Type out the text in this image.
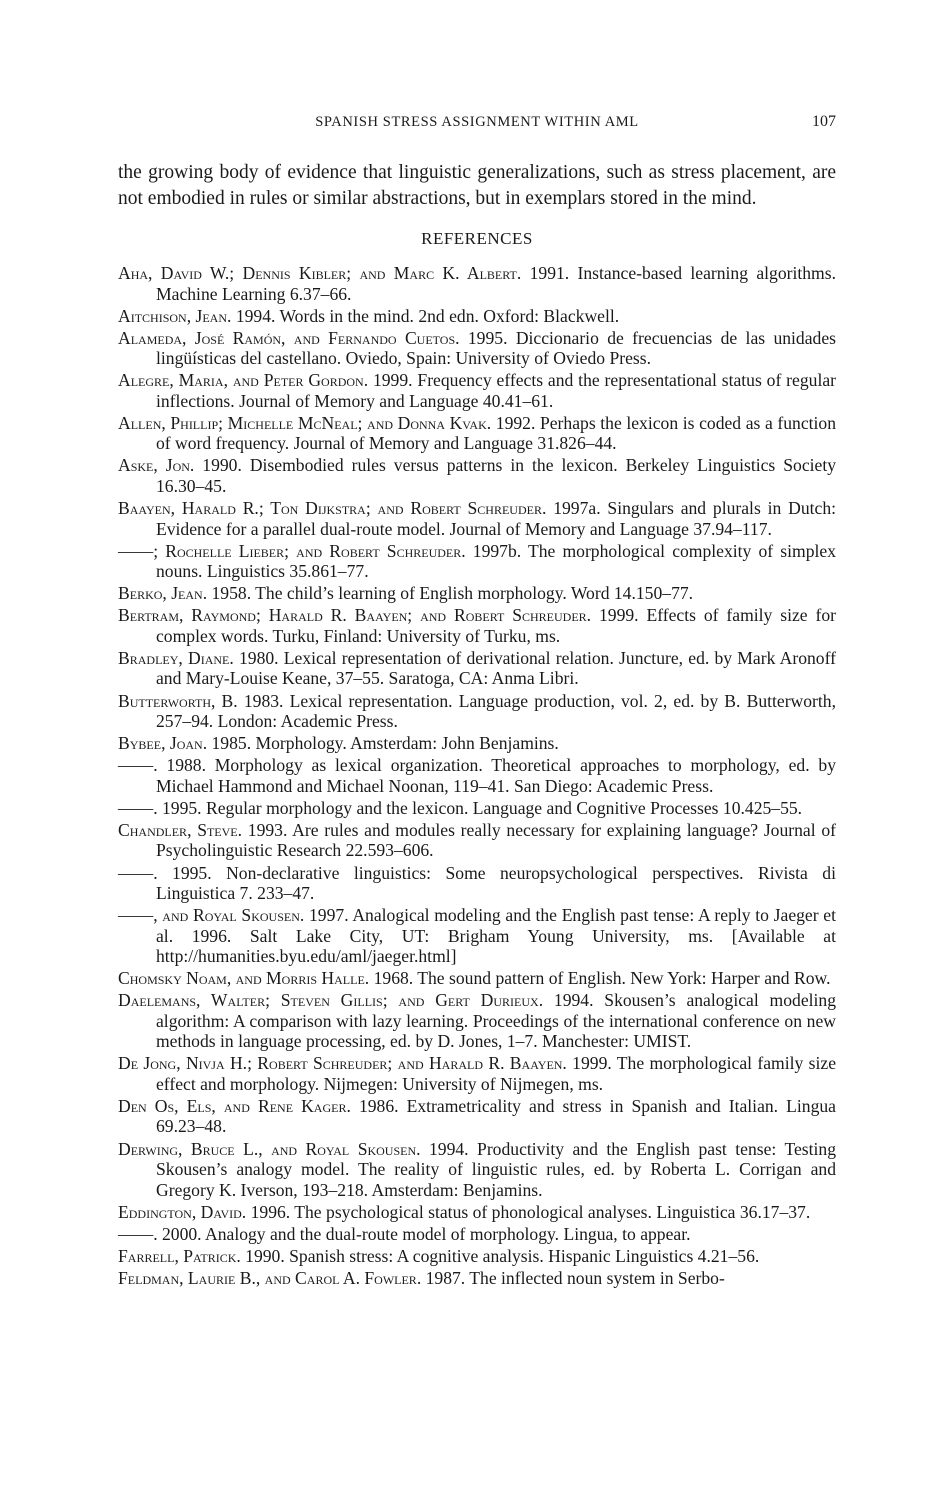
SPANISH STRESS ASSIGNMENT WITHIN AML	107

the growing body of evidence that linguistic generalizations, such as stress placement, are not embodied in rules or similar abstractions, but in exemplars stored in the mind.

REFERENCES
Aha, David W.; Dennis Kibler; and Marc K. Albert. 1991. Instance-based learning algorithms. Machine Learning 6.37–66.
Aitchison, Jean. 1994. Words in the mind. 2nd edn. Oxford: Blackwell.
Alameda, José Ramón, and Fernando Cuetos. 1995. Diccionario de frecuencias de las unidades lingüísticas del castellano. Oviedo, Spain: University of Oviedo Press.
Alegre, Maria, and Peter Gordon. 1999. Frequency effects and the representational status of regular inflections. Journal of Memory and Language 40.41–61.
Allen, Phillip; Michelle McNeal; and Donna Kvak. 1992. Perhaps the lexicon is coded as a function of word frequency. Journal of Memory and Language 31.826–44.
Aske, Jon. 1990. Disembodied rules versus patterns in the lexicon. Berkeley Linguistics Society 16.30–45.
Baayen, Harald R.; Ton Dijkstra; and Robert Schreuder. 1997a. Singulars and plurals in Dutch: Evidence for a parallel dual-route model. Journal of Memory and Language 37.94–117.
——; Rochelle Lieber; and Robert Schreuder. 1997b. The morphological complexity of simplex nouns. Linguistics 35.861–77.
Berko, Jean. 1958. The child’s learning of English morphology. Word 14.150–77.
Bertram, Raymond; Harald R. Baayen; and Robert Schreuder. 1999. Effects of family size for complex words. Turku, Finland: University of Turku, ms.
Bradley, Diane. 1980. Lexical representation of derivational relation. Juncture, ed. by Mark Aronoff and Mary-Louise Keane, 37–55. Saratoga, CA: Anma Libri.
Butterworth, B. 1983. Lexical representation. Language production, vol. 2, ed. by B. Butterworth, 257–94. London: Academic Press.
Bybee, Joan. 1985. Morphology. Amsterdam: John Benjamins.
——. 1988. Morphology as lexical organization. Theoretical approaches to morphology, ed. by Michael Hammond and Michael Noonan, 119–41. San Diego: Academic Press.
——. 1995. Regular morphology and the lexicon. Language and Cognitive Processes 10.425–55.
Chandler, Steve. 1993. Are rules and modules really necessary for explaining language? Journal of Psycholinguistic Research 22.593–606.
——. 1995. Non-declarative linguistics: Some neuropsychological perspectives. Rivista di Linguistica 7. 233–47.
——, and Royal Skousen. 1997. Analogical modeling and the English past tense: A reply to Jaeger et al. 1996. Salt Lake City, UT: Brigham Young University, ms. [Available at http://humanities.byu.edu/aml/jaeger.html]
Chomsky Noam, and Morris Halle. 1968. The sound pattern of English. New York: Harper and Row.
Daelemans, Walter; Steven Gillis; and Gert Durieux. 1994. Skousen’s analogical modeling algorithm: A comparison with lazy learning. Proceedings of the international conference on new methods in language processing, ed. by D. Jones, 1–7. Manchester: UMIST.
De Jong, Nivja H.; Robert Schreuder; and Harald R. Baayen. 1999. The morphological family size effect and morphology. Nijmegen: University of Nijmegen, ms.
Den Os, Els, and Rene Kager. 1986. Extrametricality and stress in Spanish and Italian. Lingua 69.23–48.
Derwing, Bruce L., and Royal Skousen. 1994. Productivity and the English past tense: Testing Skousen’s analogy model. The reality of linguistic rules, ed. by Roberta L. Corrigan and Gregory K. Iverson, 193–218. Amsterdam: Benjamins.
Eddington, David. 1996. The psychological status of phonological analyses. Linguistica 36.17–37.
——. 2000. Analogy and the dual-route model of morphology. Lingua, to appear.
Farrell, Patrick. 1990. Spanish stress: A cognitive analysis. Hispanic Linguistics 4.21–56.
Feldman, Laurie B., and Carol A. Fowler. 1987. The inflected noun system in Serbo-
